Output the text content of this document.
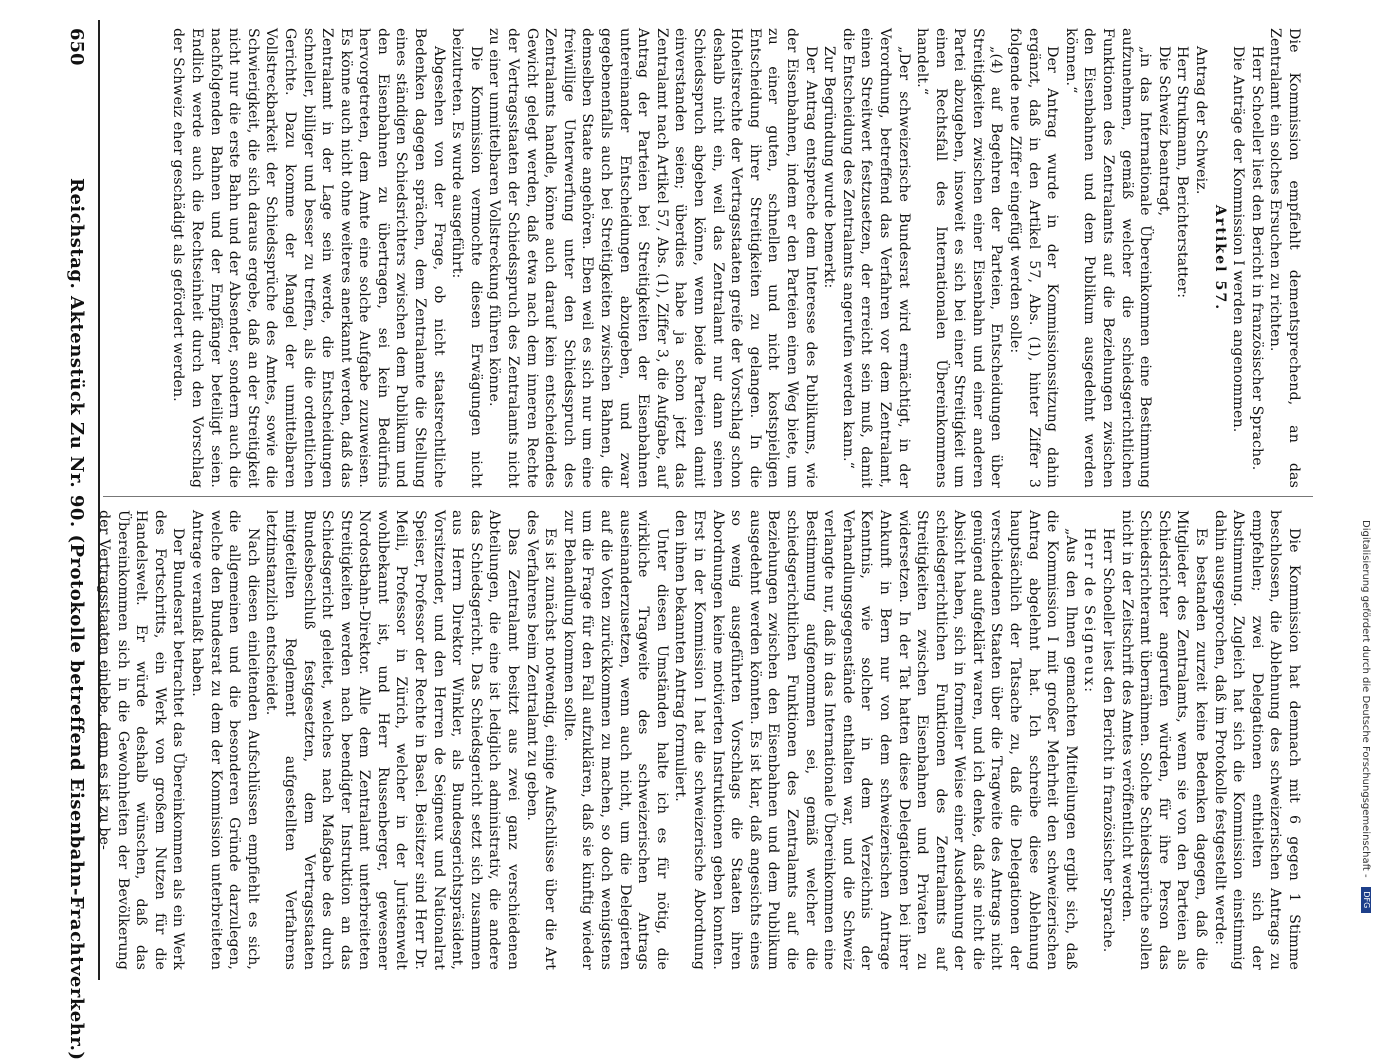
650
Reichstag. Aktenstück Zu Nr. 90. (Protokolle betreffend Eisenbahn-Frachtverkehr.)	Die Kommission empfiehlt dementsprechend, an das Zentralamt ein solches Ersuchen zu richten.

Herr Schoeller liest den Bericht in französischer Sprache.

Die Anträge der Kommission I werden angenommen.

Artikel 57.

Antrag der Schweiz.

Herr Strukmann, Berichterstatter:

Die Schweiz beantragt,

„in das Internationale Übereinkommen eine Bestimmung aufzunehmen, gemäß welcher die schiedsgerichtlichen Funktionen des Zentralamts auf die Beziehungen zwischen den Eisenbahnen und dem Publikum ausgedehnt werden können.“

Der Antrag wurde in der Kommissionssitzung dahin ergänzt, daß in den Artikel 57, Abs. (1), hinter Ziffer 3 folgende neue Ziffer eingefügt werden solle:

„(4) auf Begehren der Parteien, Entscheidungen über Streitigkeiten zwischen einer Eisenbahn und einer anderen Partei abzugeben, insoweit es sich bei einer Streitigkeit um einen Rechtsfall des Internationalen Übereinkommens handelt.“

„Der schweizerische Bundesrat wird ermächtigt, in der Verordnung, betreffend das Verfahren vor dem Zentralamt, einen Streitwert festzusetzen, der erreicht sein muß, damit die Entscheidung des Zentralamts angerufen werden kann.“

Zur Begründung wurde bemerkt:

Der Antrag entspreche dem Interesse des Publikums, wie der Eisenbahnen, indem er den Parteien einen Weg biete, um zu einer guten, schnellen und nicht kostspieligen Entscheidung ihrer Streitigkeiten zu gelangen. In die Hoheitsrechte der Vertragsstaaten greife der Vorschlag schon deshalb nicht ein, weil das Zentralamt nur dann seinen Schiedsspruch abgeben könne, wenn beide Parteien damit einverstanden seien; überdies habe ja schon jetzt das Zentralamt nach Artikel 57, Abs. (1), Ziffer 3, die Aufgabe, auf Antrag der Parteien bei Streitigkeiten der Eisenbahnen untereinander Entscheidungen abzugeben, und zwar gegebenenfalls auch bei Streitigkeiten zwischen Bahnen, die demselben Staate angehören. Eben weil es sich nur um eine freiwillige Unterwerfung unter den Schiedsspruch des Zentralamts handle, könne auch darauf kein entscheidendes Gewicht gelegt werden, daß etwa nach dem inneren Rechte der Vertragsstaaten der Schiedsspruch des Zentralamts nicht zu einer unmittelbaren Vollstreckung führen könne.

Die Kommission vermochte diesen Erwägungen nicht beizutreten. Es wurde ausgeführt:

Abgesehen von der Frage, ob nicht staatsrechtliche Bedenken dagegen sprächen, dem Zentralamte die Stellung eines ständigen Schiedsrichters zwischen dem Publikum und den Eisenbahnen zu übertragen, sei kein Bedürfnis hervorgetreten, dem Amte eine solche Aufgabe zuzuweisen. Es könne auch nicht ohne weiteres anerkannt werden, daß das Zentralamt in der Lage sein werde, die Entscheidungen schneller, billiger und besser zu treffen, als die ordentlichen Gerichte. Dazu komme der Mangel der unmittelbaren Vollstreckbarkeit der Schiedssprüche des Amtes, sowie die Schwierigkeit, die sich daraus ergebe, daß an der Streitigkeit nicht nur die erste Bahn und der Absender, sondern auch die nachfolgenden Bahnen und der Empfänger beteiligt seien. Endlich werde auch die Rechtseinheit durch den Vorschlag der Schweiz eher geschädigt als gefördert werden.

Die Kommission hat demnach mit 6 gegen 1 Stimme beschlossen, die Ablehnung des schweizerischen Antrags zu empfehlen; zwei Delegationen enthielten sich der Abstimmung. Zugleich hat sich die Kommission einstimmig dahin ausgesprochen, daß im Protokolle festgestellt werde:

Es bestanden zurzeit keine Bedenken dagegen, daß die Mitglieder des Zentralamts, wenn sie von den Parteien als Schiedsrichter angerufen würden, für ihre Person das Schiedsrichteramt übernähmen. Solche Schiedssprüche sollen nicht in der Zeitschrift des Amtes veröffentlicht werden.

Herr Schoeller liest den Bericht in französischer Sprache.

Herr de Seigneux:

„Aus den Ihnen gemachten Mitteilungen ergibt sich, daß die Kommission I mit großer Mehrheit den schweizerischen Antrag abgelehnt hat. Ich schreibe diese Ablehnung hauptsächlich der Tatsache zu, daß die Delegationen der verschiedenen Staaten über die Tragweite des Antrags nicht genügend aufgeklärt waren, und ich denke, daß sie nicht die Absicht haben, sich in formeller Weise einer Ausdehnung der schiedsgerichtlichen Funktionen des Zentralamts auf Streitigkeiten zwischen Eisenbahnen und Privaten zu widersetzen. In der Tat hatten diese Delegationen bei ihrer Ankunft in Bern nur von dem schweizerischen Antrage Kenntnis, wie solcher in dem Verzeichnis der Verhandlungsgegenstände enthalten war, und die Schweiz verlangte nur, daß in das Internationale Übereinkommen eine Bestimmung aufgenommen sei, gemäß welcher die schiedsgerichtlichen Funktionen des Zentralamts auf die Beziehungen zwischen den Eisenbahnen und dem Publikum ausgedehnt werden könnten. Es ist klar, daß angesichts eines so wenig ausgeführten Vorschlags die Staaten ihren Abordnungen keine motivierten Instruktionen geben konnten. Erst in der Kommission I hat die schweizerische Abordnung den ihnen bekannten Antrag formuliert.

Unter diesen Umständen halte ich es für nötig, die wirkliche Tragweite des schweizerischen Antrags auseinanderzusetzen, wenn auch nicht, um die Delegierten auf die Voten zurückkommen zu machen, so doch wenigstens um die Frage für den Fall aufzuklären, daß sie künftig wieder zur Behandlung kommen sollte.

Es ist zunächst notwendig, einige Aufschlüsse über die Art des Verfahrens beim Zentralamt zu geben.

Das Zentralamt besitzt aus zwei ganz verschiedenen Abteilungen, die eine ist lediglich administrativ, die andere das Schiedsgericht. Das Schiedsgericht setzt sich zusammen aus Herrn Direktor Winkler, als Bundesgerichtspräsident, Vorsitzender, und den Herren de Seigneux und Nationalrat Speiser, Professor der Rechte in Basel. Beisitzer sind Herr Dr. Meili, Professor in Zürich, welcher in der Juristenwelt wohlbekannt ist, und Herr Russenberger, gewesener Nordostbahn-Direktor. Alle dem Zentralamt unterbreiteten Streitigkeiten werden nach beendigter Instruktion an das Schiedsgericht geleitet, welches nach Maßgabe des durch Bundesbeschluß festgesetzten, dem Vertragsstaaten mitgeteilten Reglement aufgestellten Verfahrens letztinstanzlich entscheidet.

Nach diesen einleitenden Aufschlüssen empfiehlt es sich, die allgemeinen und die besonderen Gründe darzulegen, welche den Bundesrat zu dem der Kommission unterbreiteten Antrage veranlaßt haben.

Der Bundesrat betrachtet das Übereinkommen als ein Werk des Fortschritts, ein Werk von großem Nutzen für die Handelswelt. Er würde deshalb wünschen, daß das Übereinkommen sich in die Gewohnheiten der Bevölkerung der Vertragsstaaten einlebe, denn es ist zu be-	Digitalisierung gefördert durch die Deutsche Forschungsgemeinschaft - DFG
